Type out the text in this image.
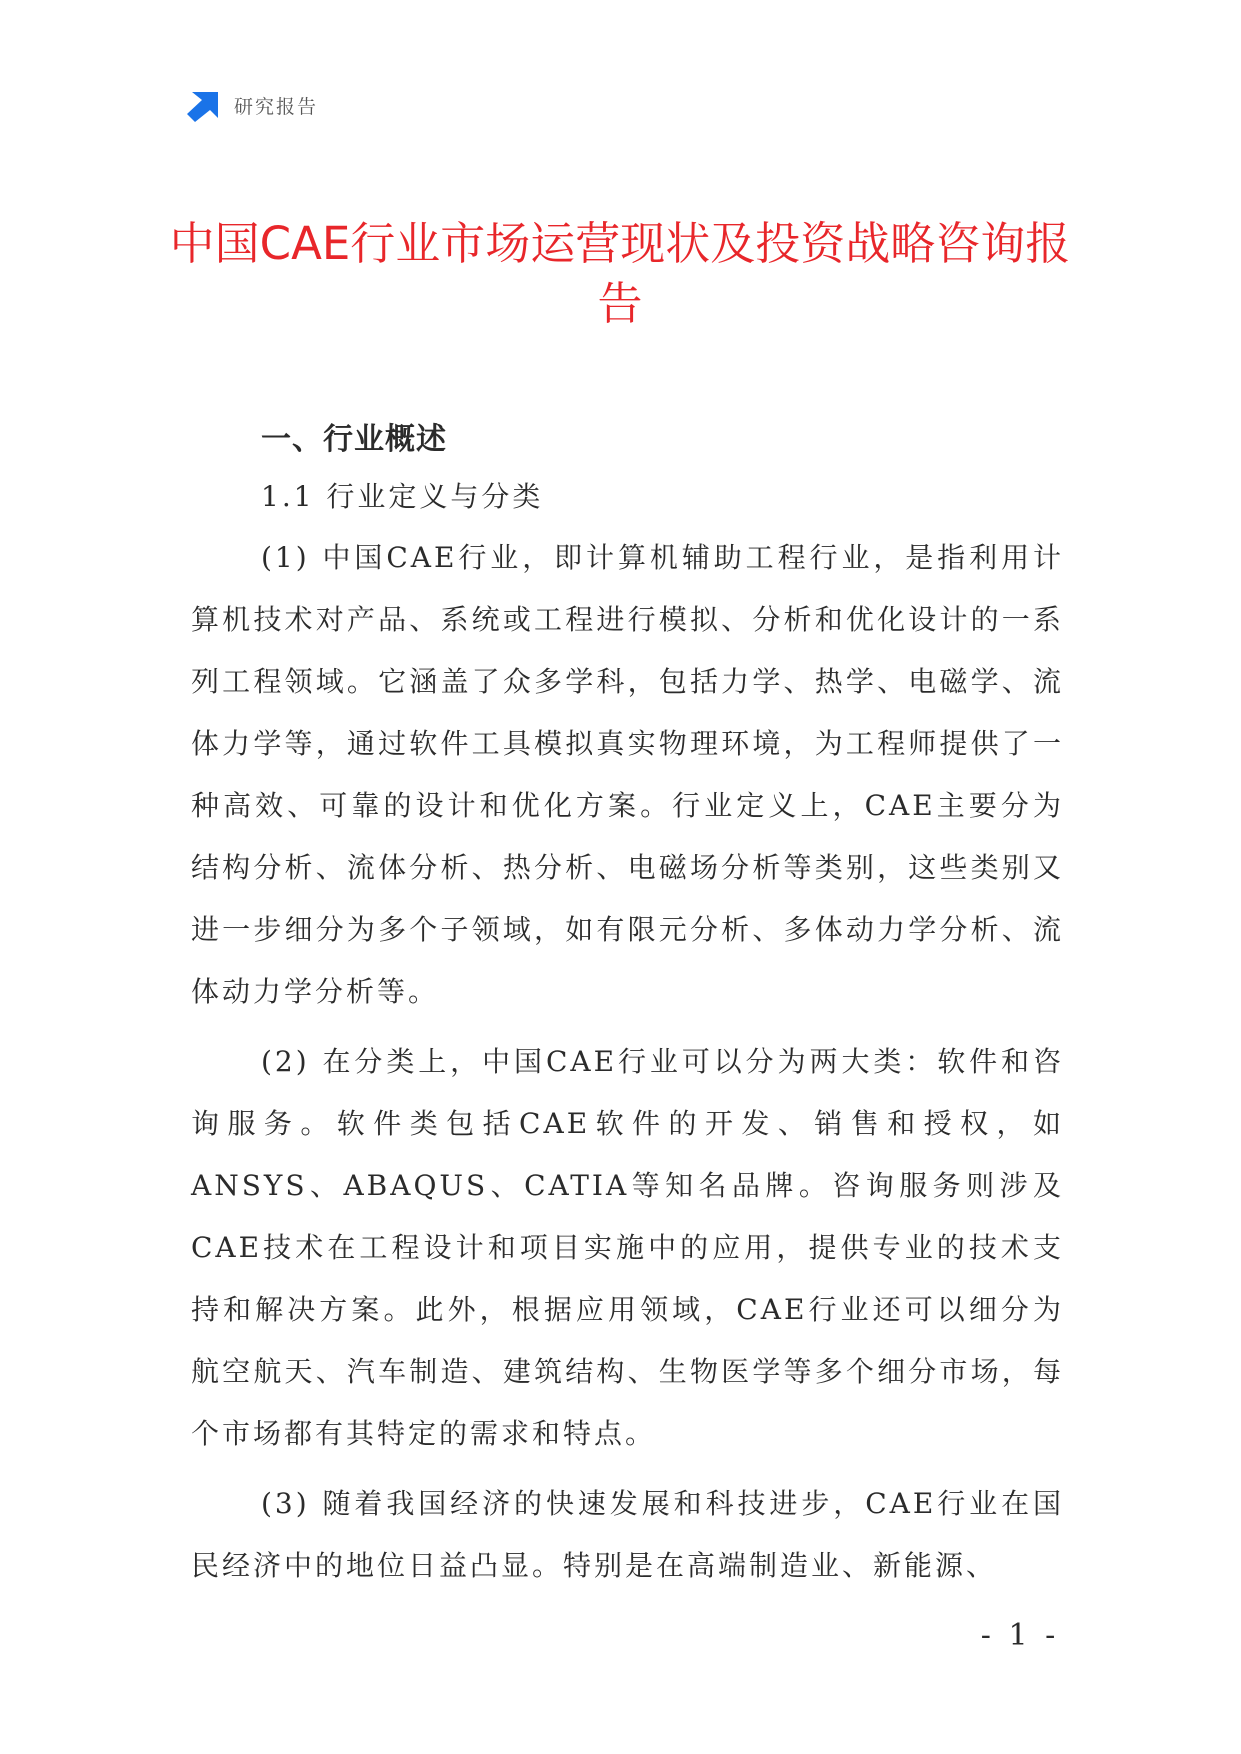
研究报告
中国CAE行业市场运营现状及投资战略咨询报告
一、行业概述
1.1 行业定义与分类

(1) 中国CAE行业，即计算机辅助工程行业，是指利用计算机技术对产品、系统或工程进行模拟、分析和优化设计的一系列工程领域。它涵盖了众多学科，包括力学、热学、电磁学、流体力学等，通过软件工具模拟真实物理环境，为工程师提供了一种高效、可靠的设计和优化方案。行业定义上，CAE主要分为结构分析、流体分析、热分析、电磁场分析等类别，这些类别又进一步细分为多个子领域，如有限元分析、多体动力学分析、流体动力学分析等。

(2) 在分类上，中国CAE行业可以分为两大类：软件和咨询服务。软件类包括CAE软件的开发、销售和授权，如ANSYS、ABAQUS、CATIA等知名品牌。咨询服务则涉及CAE技术在工程设计和项目实施中的应用，提供专业的技术支持和解决方案。此外，根据应用领域，CAE行业还可以细分为航空航天、汽车制造、建筑结构、生物医学等多个细分市场，每个市场都有其特定的需求和特点。

(3) 随着我国经济的快速发展和科技进步，CAE行业在国民经济中的地位日益凸显。特别是在高端制造业、新能源、

- 1 -
